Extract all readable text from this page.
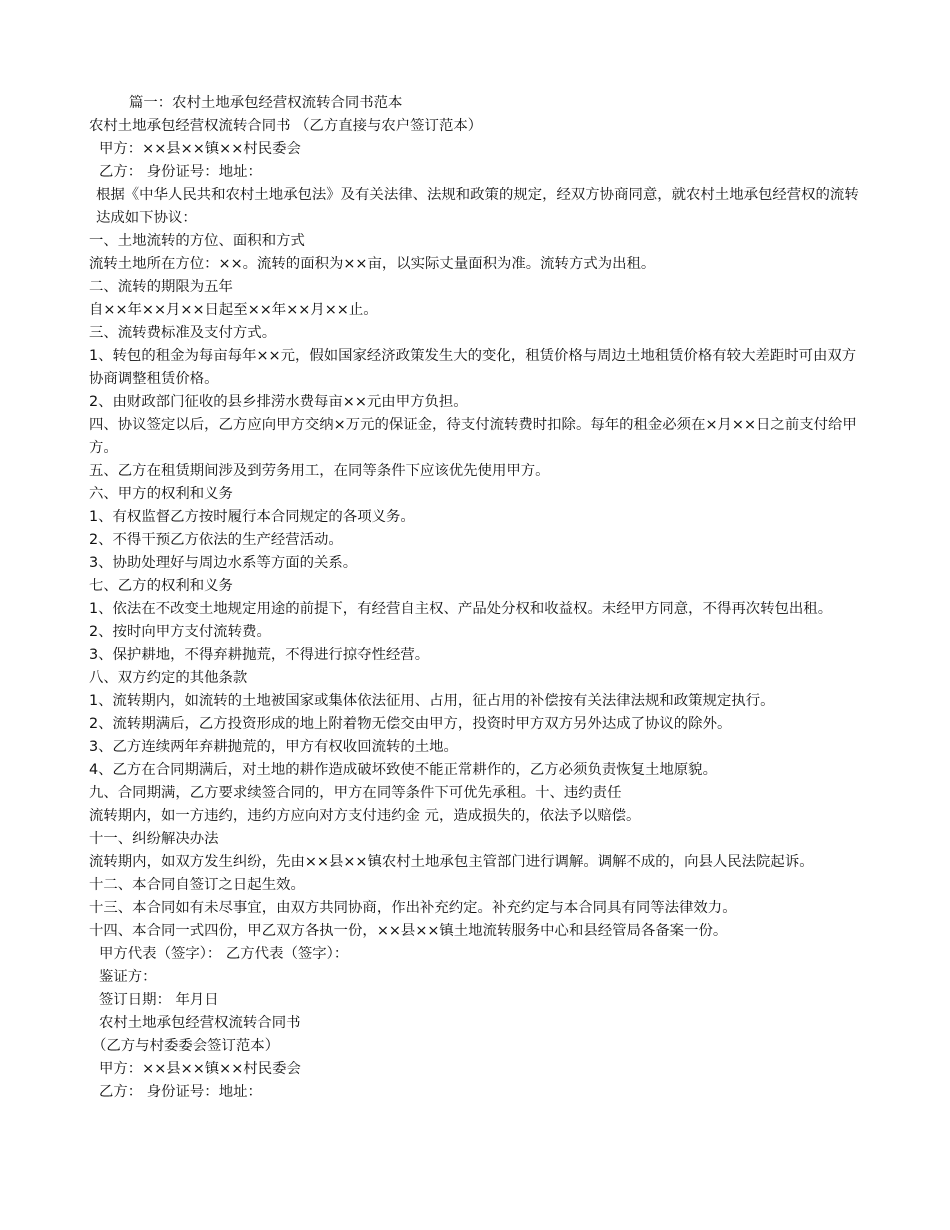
篇一：农村土地承包经营权流转合同书范本

农村土地承包经营权流转合同书 （乙方直接与农户签订范本）

甲方：××县××镇××村民委会

乙方： 身份证号：地址：

根据《中华人民共和农村土地承包法》及有关法律、法规和政策的规定，经双方协商同意，就农村土地承包经营权的流转达成如下协议：

一、土地流转的方位、面积和方式

流转土地所在方位：××。流转的面积为××亩，以实际丈量面积为准。流转方式为出租。

二、流转的期限为五年

自××年××月××日起至××年××月××止。

三、流转费标准及支付方式。

1、转包的租金为每亩每年××元，假如国家经济政策发生大的变化，租赁价格与周边土地租赁价格有较大差距时可由双方协商调整租赁价格。

2、由财政部门征收的县乡排涝水费每亩××元由甲方负担。

四、协议签定以后，乙方应向甲方交纳×万元的保证金，待支付流转费时扣除。每年的租金必须在×月××日之前支付给甲方。

五、乙方在租赁期间涉及到劳务用工，在同等条件下应该优先使用甲方。

六、甲方的权利和义务

1、有权监督乙方按时履行本合同规定的各项义务。

2、不得干预乙方依法的生产经营活动。

3、协助处理好与周边水系等方面的关系。

七、乙方的权利和义务

1、依法在不改变土地规定用途的前提下，有经营自主权、产品处分权和收益权。未经甲方同意，不得再次转包出租。

2、按时向甲方支付流转费。

3、保护耕地，不得弃耕抛荒，不得进行掠夺性经营。

八、双方约定的其他条款

1、流转期内，如流转的土地被国家或集体依法征用、占用，征占用的补偿按有关法律法规和政策规定执行。

2、流转期满后，乙方投资形成的地上附着物无偿交由甲方，投资时甲方双方另外达成了协议的除外。

3、乙方连续两年弃耕抛荒的，甲方有权收回流转的土地。

4、乙方在合同期满后，对土地的耕作造成破坏致使不能正常耕作的，乙方必须负责恢复土地原貌。

九、合同期满，乙方要求续签合同的，甲方在同等条件下可优先承租。十、违约责任

流转期内，如一方违约，违约方应向对方支付违约金 元，造成损失的，依法予以赔偿。

十一、纠纷解决办法

流转期内，如双方发生纠纷，先由××县××镇农村土地承包主管部门进行调解。调解不成的，向县人民法院起诉。

十二、本合同自签订之日起生效。

十三、本合同如有未尽事宜，由双方共同协商，作出补充约定。补充约定与本合同具有同等法律效力。

十四、本合同一式四份，甲乙双方各执一份，××县××镇土地流转服务中心和县经管局各备案一份。

甲方代表（签字）： 乙方代表（签字）：

鉴证方：

签订日期： 年月日

农村土地承包经营权流转合同书

（乙方与村委委会签订范本）

甲方：××县××镇××村民委会

乙方： 身份证号：地址：
